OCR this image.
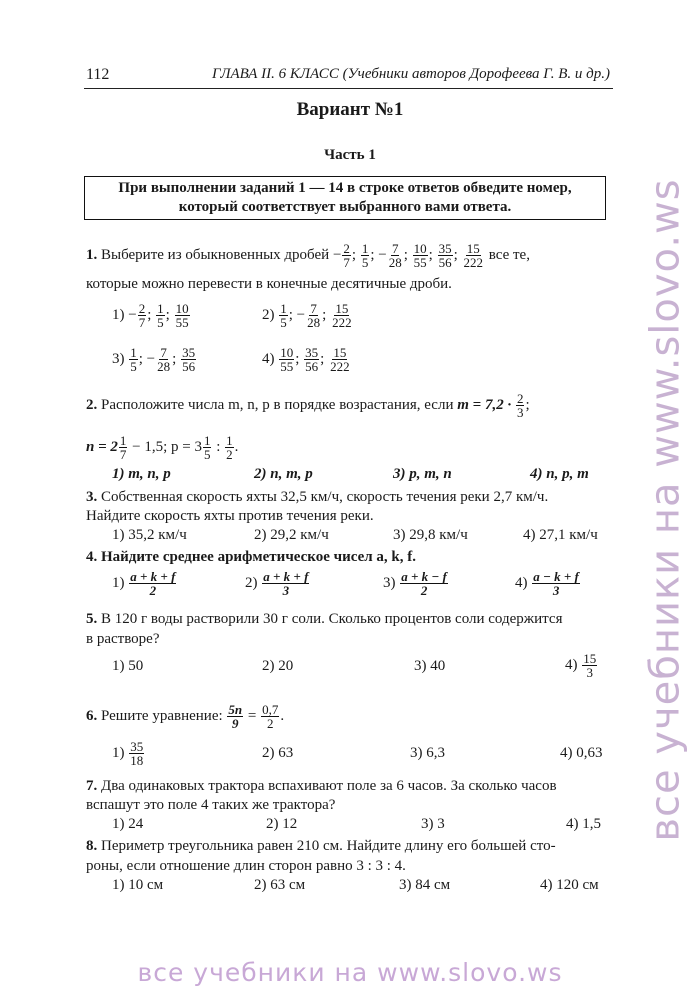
112	ГЛАВА II. 6 КЛАСС (Учебники авторов Дорофеева Г. В. и др.)
Вариант №1
Часть 1
При выполнении заданий 1 — 14 в строке ответов обведите номер,
который соответствует выбранного вами ответа.
1. Выберите из обыкновенных дробей − $\frac{2}{7}$ ; $\frac{1}{5}$ ; − $\frac{7}{28}$ ; $\frac{10}{55}$ ; $\frac{35}{56}$ ; $\frac{15}{222}$ все те,
которые можно перевести в конечные десятичные дроби.
$1) - \frac{2}{7}$ ; $\frac{1}{5}$ ; $\frac{10}{55}$	$2) \frac{1}{5}$ ; − $\frac{7}{28}$ ; $\frac{15}{222}$
$3) \frac{1}{5}$ ; − $\frac{7}{28}$ ; $\frac{35}{56}$	$4) \frac{10}{55}$ ; $\frac{35}{56}$ ; $\frac{15}{222}$
2. Расположите числа m, n, p в порядке возрастания, если $m = 7,2 \cdot \frac{2}{3}$ ;
$n = 2 \frac{1}{7} - 1,5$; $p = 3 \frac{1}{5}$ : $\frac{1}{2}$ .
1) m, n, p	2) n, m, p	3) p, m, n	4) n, p, m
3. Собственная скорость яхты 32,5 км/ч, скорость течения реки 2,7 км/ч.
Найдите скорость яхты против течения реки.
1) 35,2 км/ч	2) 29,2 км/ч	3) 29,8 км/ч	4) 27,1 км/ч
4. Найдите среднее арифметическое чисел a, k, f.
$1) \frac{a + k + f}{2}$	$2) \frac{a + k + f}{3}$	$3) \frac{a + k - f}{2}$	$4) \frac{a - k + f}{3}$
5. В 120 г воды растворили 30 г соли. Сколько процентов соли содержится
в растворе?
1) 50	2) 20	3) 40	$4) \frac{15}{3}$
6. Решите уравнение: $\frac{5n}{9} = \frac{0,7}{2}$ .
$1) \frac{35}{18}$	2) 63	3) 6,3	4) 0,63
7. Два одинаковых трактора вспахивают поле за 6 часов. За сколько часов
вспашут это поле 4 таких же трактора?
1) 24	2) 12	3) 3	4) 1,5
8. Периметр треугольника равен 210 см. Найдите длину его большей сто-
роны, если отношение длин сторон равно 3 : 3 : 4.
1) 10 см	2) 63 см	3) 84 см	4) 120 см
все учебники на www.slovo.ws
все учебники на www.slovo.ws
